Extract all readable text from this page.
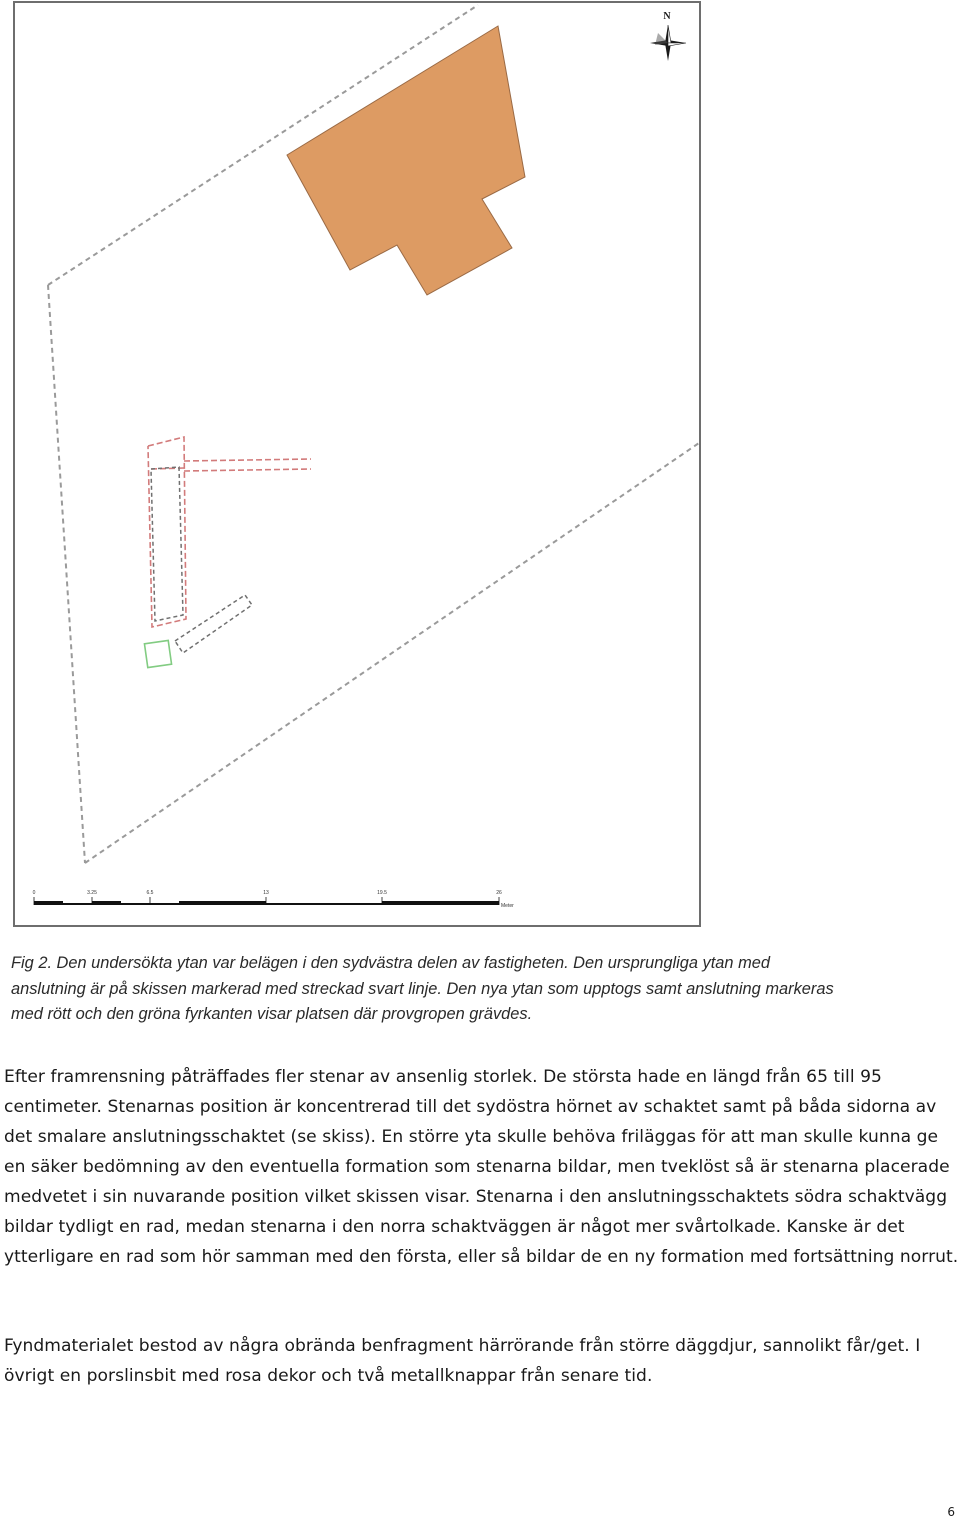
N
0	3.25	6.5	13	19.5	26
Meter

Fig 2. Den undersökta ytan var belägen i den sydvästra delen av fastigheten. Den ursprungliga ytan med anslutning är på skissen markerad med streckad svart linje. Den nya ytan som upptogs samt anslutning markeras med rött och den gröna fyrkanten visar platsen där provgropen grävdes.

Efter framrensning påträffades fler stenar av ansenlig storlek. De största hade en längd från 65 till 95 centimeter. Stenarnas position är koncentrerad till det sydöstra hörnet av schaktet samt på båda sidorna av det smalare anslutningsschaktet (se skiss). En större yta skulle behöva friläggas för att man skulle kunna ge en säker bedömning av den eventuella formation som stenarna bildar, men tveklöst så är stenarna placerade medvetet i sin nuvarande position vilket skissen visar. Stenarna i den anslutningsschaktets södra schaktvägg bildar tydligt en rad, medan stenarna i den norra schaktväggen är något mer svårtolkade. Kanske är det ytterligare en rad som hör samman med den första, eller så bildar de en ny formation med fortsättning norrut.

Fyndmaterialet bestod av några obrända benfragment härrörande från större däggdjur, sannolikt får/get. I övrigt en porslinsbit med rosa dekor och två metallknappar från senare tid.

6
